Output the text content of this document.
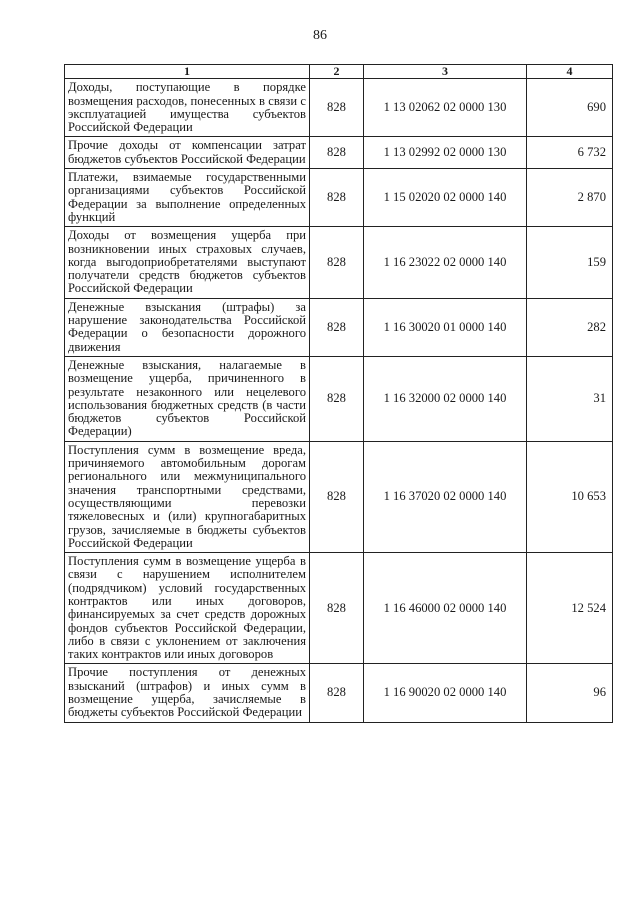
86
1	2	3	4
Доходы, поступающие в порядке возмещения расходов, понесенных в связи с эксплуатацией имущества субъектов Российской Федерации	828	1 13 02062 02 0000 130	690
Прочие доходы от компенсации затрат бюджетов субъектов Российской Федерации	828	1 13 02992 02 0000 130	6 732
Платежи, взимаемые государственными организациями субъектов Российской Федерации за выполнение определенных функций	828	1 15 02020 02 0000 140	2 870
Доходы от возмещения ущерба при возникновении иных страховых случаев, когда выгодоприобретателями выступают получатели средств бюджетов субъектов Российской Федерации	828	1 16 23022 02 0000 140	159
Денежные взыскания (штрафы) за нарушение законодательства Российской Федерации о безопасности дорожного движения	828	1 16 30020 01 0000 140	282
Денежные взыскания, налагаемые в возмещение ущерба, причиненного в результате незаконного или нецелевого использования бюджетных средств (в части бюджетов субъектов Российской Федерации)	828	1 16 32000 02 0000 140	31
Поступления сумм в возмещение вреда, причиняемого автомобильным дорогам регионального или межмуниципального значения транспортными средствами, осуществляющими перевозки тяжеловесных и (или) крупногабаритных грузов, зачисляемые в бюджеты субъектов Российской Федерации	828	1 16 37020 02 0000 140	10 653
Поступления сумм в возмещение ущерба в связи с нарушением исполнителем (подрядчиком) условий государственных контрактов или иных договоров, финансируемых за счет средств дорожных фондов субъектов Российской Федерации, либо в связи с уклонением от заключения таких контрактов или иных договоров	828	1 16 46000 02 0000 140	12 524
Прочие поступления от денежных взысканий (штрафов) и иных сумм в возмещение ущерба, зачисляемые в бюджеты субъектов Российской Федерации	828	1 16 90020 02 0000 140	96
